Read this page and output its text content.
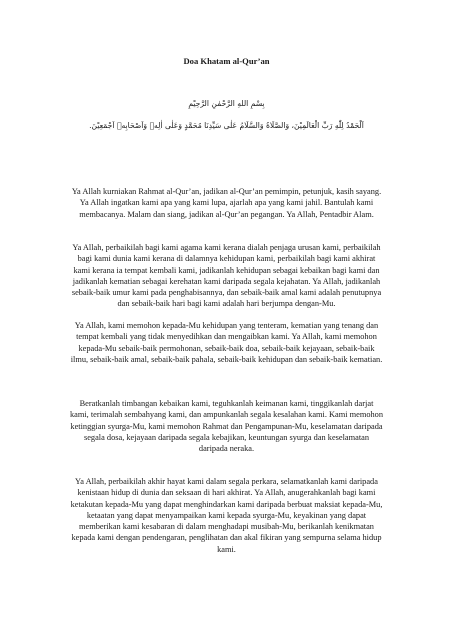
Doa Khatam al-Qur’an
بِسْمِ اللهِ الرَّحْمٰنِ الرَّحِيْمِ
اَلْحَمْدُ لِلّٰهِ رَبِّ الْعَالَمِيْنَ، وَالصَّلَاةُ وَالسَّلَامُ عَلٰى سَيِّدِنَا مُحَمَّدٍ وَعَلٰى اٰلِهٖ وَاَصْحَابِهٖ اَجْمَعِيْنَ.
Ya Allah kurniakan Rahmat al-Qur’an, jadikan al-Qur’an pemimpin, petunjuk, kasih sayang.
Ya Allah ingatkan kami apa yang kami lupa, ajarlah apa yang kami jahil. Bantulah kami
membacanya. Malam dan siang, jadikan al-Qur’an pegangan. Ya Allah, Pentadbir Alam.
Ya Allah, perbaikilah bagi kami agama kami kerana dialah penjaga urusan kami, perbaikilah
bagi kami dunia kami kerana di dalamnya kehidupan kami, perbaikilah bagi kami akhirat
kami kerana ia tempat kembali kami, jadikanlah kehidupan sebagai kebaikan bagi kami dan
jadikanlah kematian sebagai kerehatan kami daripada segala kejahatan. Ya Allah, jadikanlah
sebaik-baik umur kami pada penghabisannya, dan sebaik-baik amal kami adalah penutupnya
dan sebaik-baik hari bagi kami adalah hari berjumpa dengan-Mu.
Ya Allah, kami memohon kepada-Mu kehidupan yang tenteram, kematian yang tenang dan
tempat kembali yang tidak menyedihkan dan mengaibkan kami. Ya Allah, kami memohon
kepada-Mu sebaik-baik permohonan, sebaik-baik doa, sebaik-baik kejayaan, sebaik-baik
ilmu, sebaik-baik amal, sebaik-baik pahala, sebaik-baik kehidupan dan sebaik-baik kematian.
Beratkanlah timbangan kebaikan kami, teguhkanlah keimanan kami, tinggikanlah darjat
kami, terimalah sembahyang kami, dan ampunkanlah segala kesalahan kami. Kami memohon
ketinggian syurga-Mu, kami memohon Rahmat dan Pengampunan-Mu, keselamatan daripada
segala dosa, kejayaan daripada segala kebajikan, keuntungan syurga dan keselamatan
daripada neraka.
Ya Allah, perbaikilah akhir hayat kami dalam segala perkara, selamatkanlah kami daripada
kenistaan hidup di dunia dan seksaan di hari akhirat. Ya Allah, anugerahkanlah bagi kami
ketakutan kepada-Mu yang dapat menghindarkan kami daripada berbuat maksiat kepada-Mu,
ketaatan yang dapat menyampaikan kami kepada syurga-Mu, keyakinan yang dapat
memberikan kami kesabaran di dalam menghadapi musibah-Mu, berikanlah kenikmatan
kepada kami dengan pendengaran, penglihatan dan akal fikiran yang sempurna selama hidup
kami.
